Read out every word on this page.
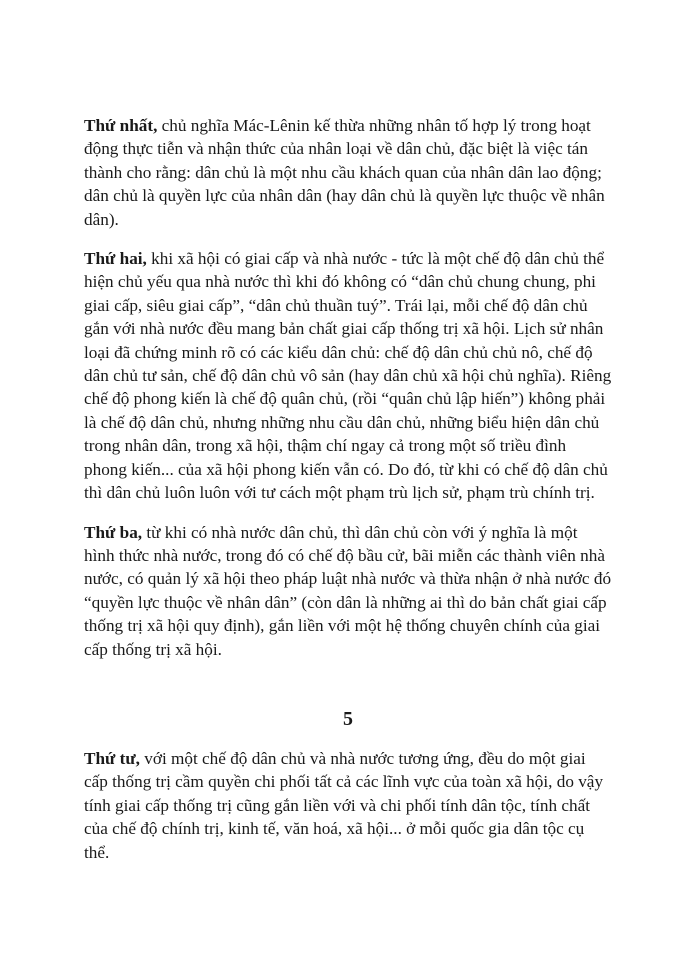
Thứ nhất, chủ nghĩa Mác-Lênin kế thừa những nhân tố hợp lý trong hoạt động thực tiễn và nhận thức của nhân loại về dân chủ, đặc biệt là việc tán thành cho rằng: dân chủ là một nhu cầu khách quan của nhân dân lao động; dân chủ là quyền lực của nhân dân (hay dân chủ là quyền lực thuộc về nhân dân).

Thứ hai, khi xã hội có giai cấp và nhà nước - tức là một chế độ dân chủ thể hiện chủ yếu qua nhà nước thì khi đó không có “dân chủ chung chung, phi giai cấp, siêu giai cấp”, “dân chủ thuần tuý”. Trái lại, mỗi chế độ dân chủ gắn với nhà nước đều mang bản chất giai cấp thống trị xã hội. Lịch sử nhân loại đã chứng minh rõ có các kiểu dân chủ: chế độ dân chủ chủ nô, chế độ dân chủ tư sản, chế độ dân chủ vô sản (hay dân chủ xã hội chủ nghĩa). Riêng chế độ phong kiến là chế độ quân chủ, (rồi “quân chủ lập hiến”) không phải là chế độ dân chủ, nhưng những nhu cầu dân chủ, những biểu hiện dân chủ trong nhân dân, trong xã hội, thậm chí ngay cả trong một số triều đình phong kiến... của xã hội phong kiến vẫn có. Do đó, từ khi có chế độ dân chủ thì dân chủ luôn luôn với tư cách một phạm trù lịch sử, phạm trù chính trị.

Thứ ba, từ khi có nhà nước dân chủ, thì dân chủ còn với ý nghĩa là một hình thức nhà nước, trong đó có chế độ bầu cử, bãi miễn các thành viên nhà nước, có quản lý xã hội theo pháp luật nhà nước và thừa nhận ở nhà nước đó “quyền lực thuộc về nhân dân” (còn dân là những ai thì do bản chất giai cấp thống trị xã hội quy định), gắn liền với một hệ thống chuyên chính của giai cấp thống trị xã hội.

5

Thứ tư, với một chế độ dân chủ và nhà nước tương ứng, đều do một giai cấp thống trị cầm quyền chi phối tất cả các lĩnh vực của toàn xã hội, do vậy tính giai cấp thống trị cũng gắn liền với và chi phối tính dân tộc, tính chất của chế độ chính trị, kinh tế, văn hoá, xã hội... ở mỗi quốc gia dân tộc cụ thể.
